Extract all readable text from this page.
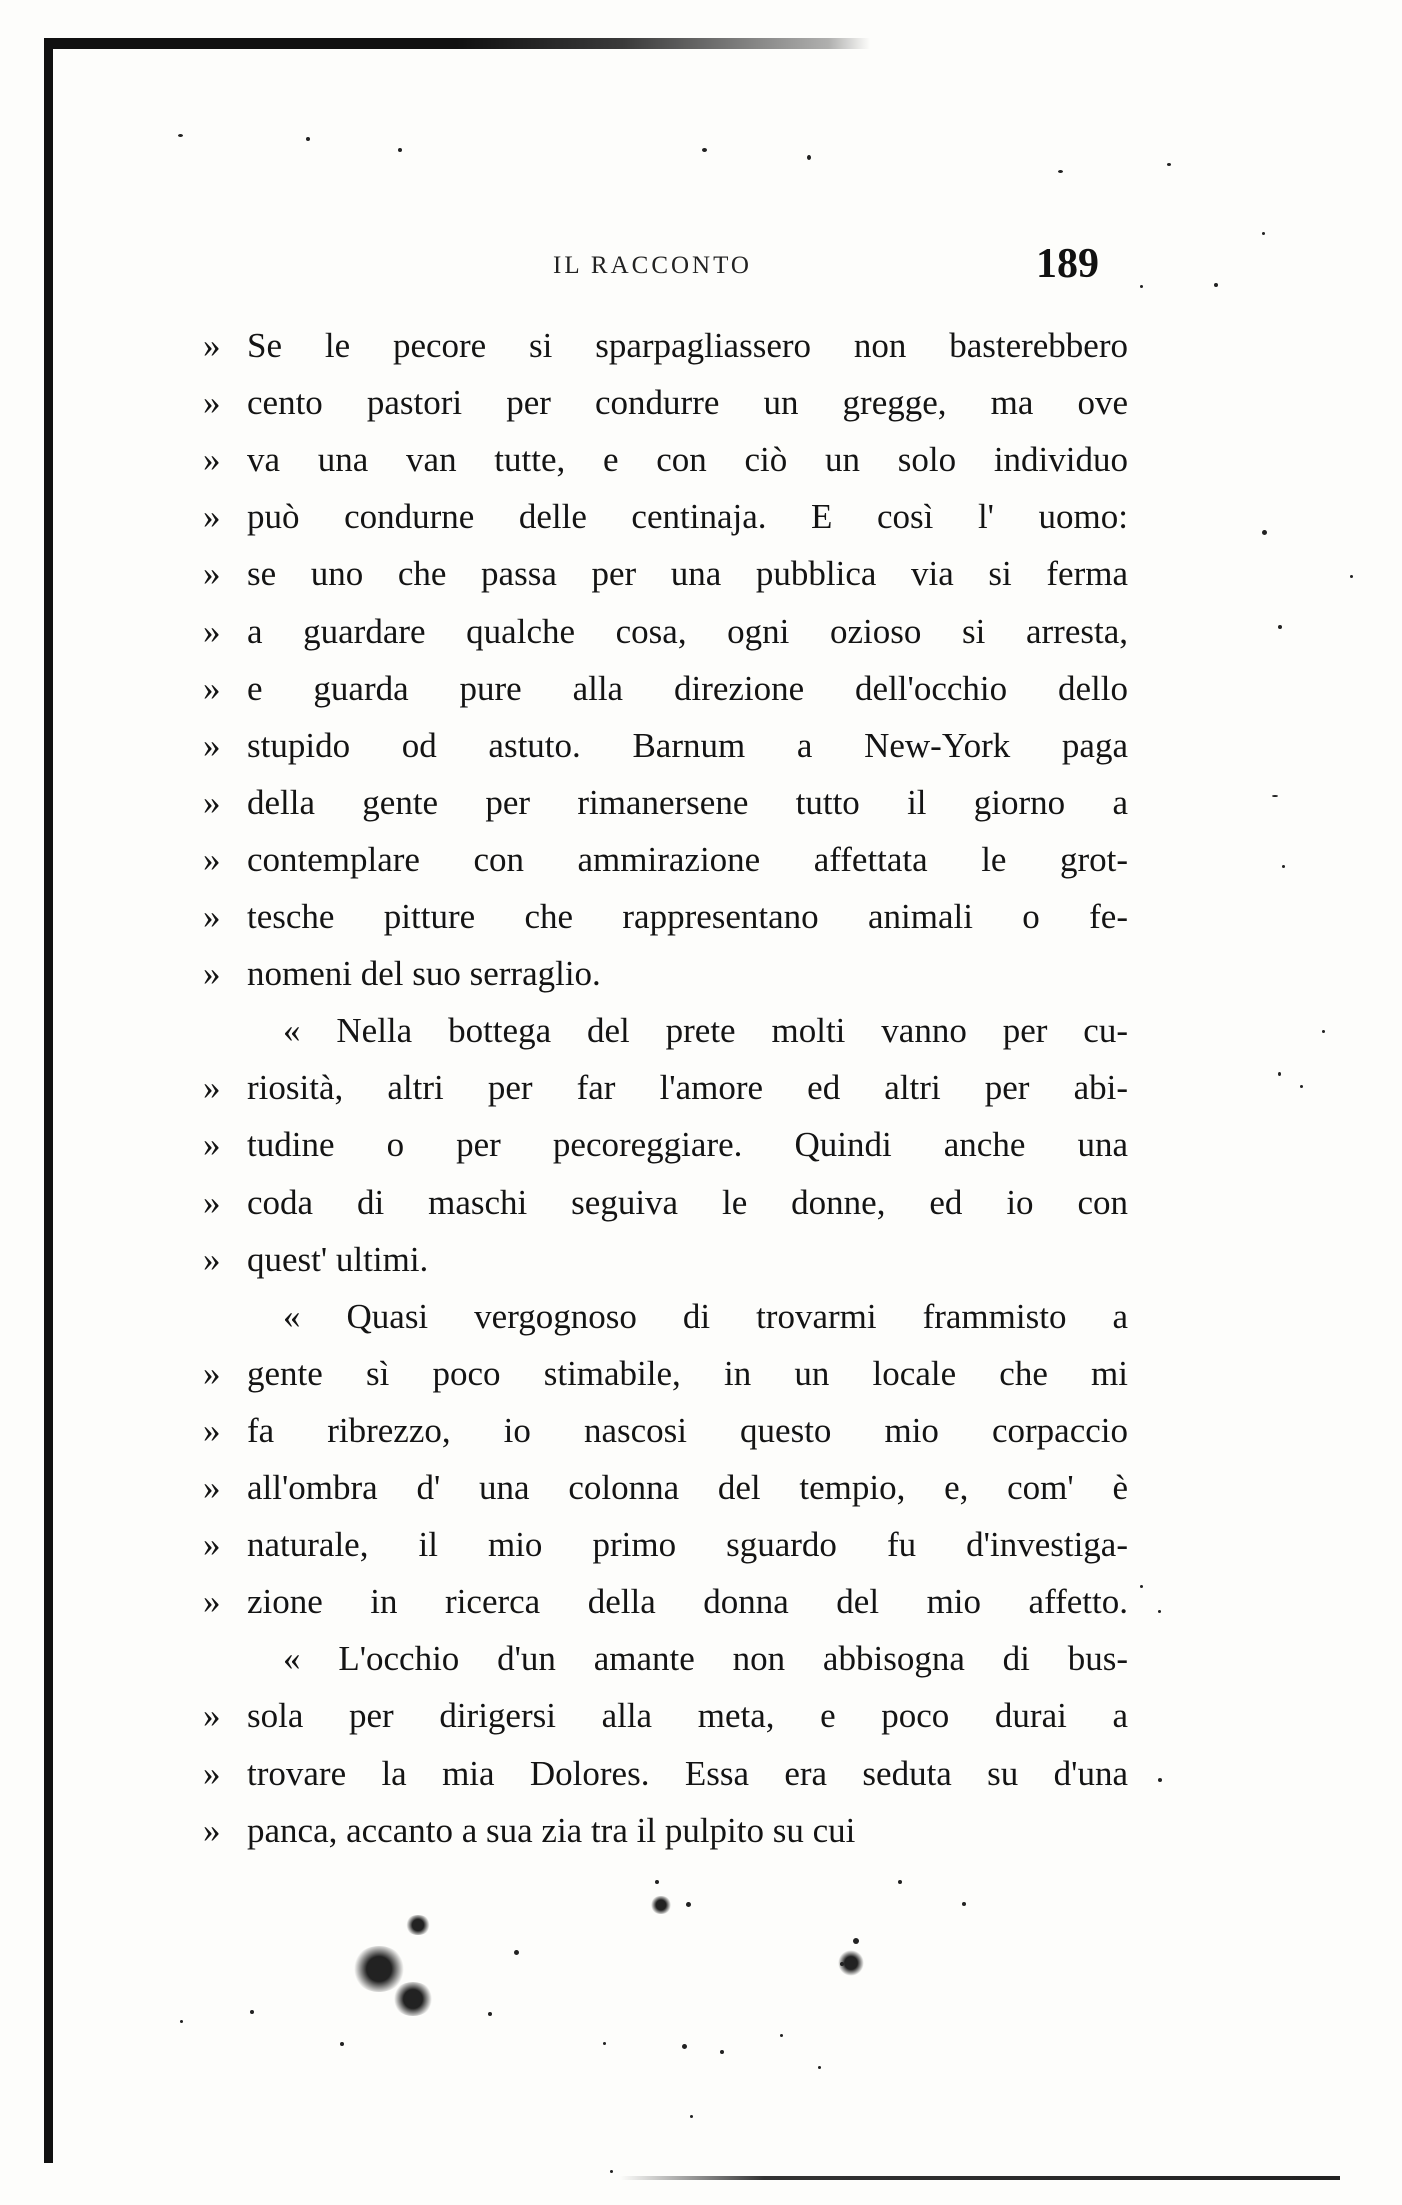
IL RACCONTO	189
» Se le pecore si sparpagliassero non basterebbero
» cento pastori per condurre un gregge, ma ove
» va una van tutte, e con ciò un solo individuo
» può condurne delle centinaja. E così l' uomo:
» se uno che passa per una pubblica via si ferma
» a guardare qualche cosa, ogni ozioso si arresta,
» e guarda pure alla direzione dell'occhio dello
» stupido od astuto. Barnum a New-York paga
» della gente per rimanersene tutto il giorno a
» contemplare con ammirazione affettata le grot-
» tesche pitture che rappresentano animali o fe-
» nomeni del suo serraglio.
« Nella bottega del prete molti vanno per cu-
» riosità, altri per far l'amore ed altri per abi-
» tudine o per pecoreggiare. Quindi anche una
» coda di maschi seguiva le donne, ed io con
» quest' ultimi.
« Quasi vergognoso di trovarmi frammisto a
» gente sì poco stimabile, in un locale che mi
» fa ribrezzo, io nascosi questo mio corpaccio
» all'ombra d' una colonna del tempio, e, com' è
» naturale, il mio primo sguardo fu d'investiga-
» zione in ricerca della donna del mio affetto.
« L'occhio d'un amante non abbisogna di bus-
» sola per dirigersi alla meta, e poco durai a
» trovare la mia Dolores. Essa era seduta su d'una
» panca, accanto a sua zia tra il pulpito su cui
